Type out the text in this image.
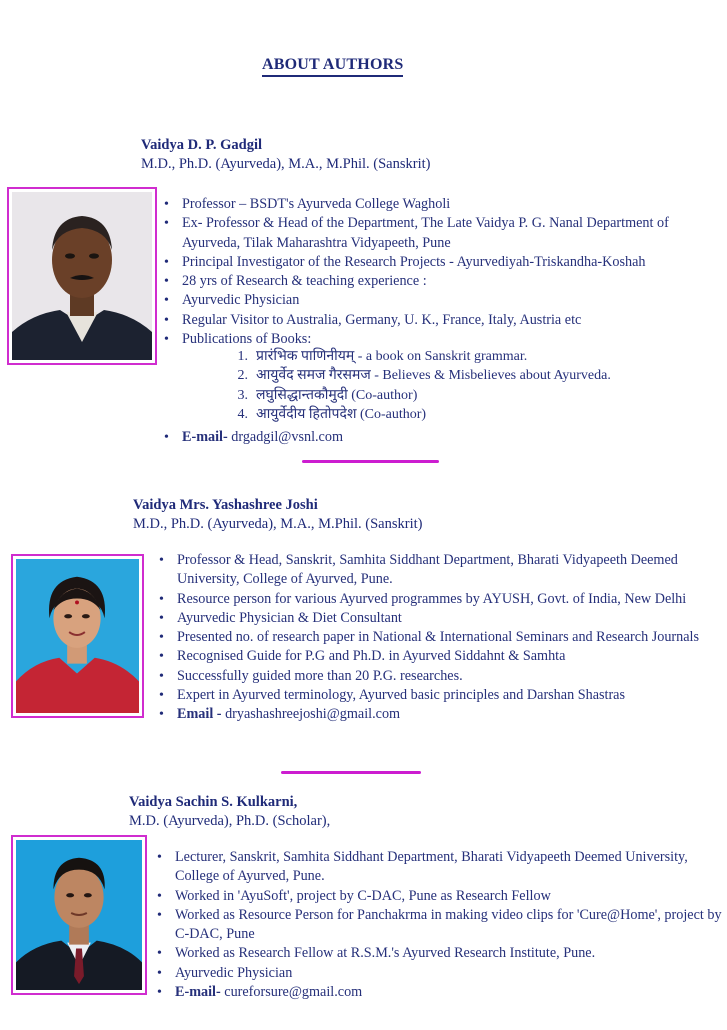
ABOUT AUTHORS
Vaidya D. P. Gadgil
M.D., Ph.D. (Ayurveda), M.A., M.Phil. (Sanskrit)
• Professor – BSDT's Ayurveda College Wagholi
• Ex- Professor & Head of the Department, The Late Vaidya P. G. Nanal Department of Ayurveda, Tilak Maharashtra Vidyapeeth, Pune
• Principal Investigator of the Research Projects - Ayurvediyah-Triskandha-Koshah
• 28 yrs of Research & teaching experience :
• Ayurvedic Physician
• Regular Visitor to Australia, Germany, U. K., France, Italy, Austria etc
• Publications of Books:
1. प्रारंभिक पाणिनीयम् - a book on Sanskrit grammar.
2. आयुर्वेद समज गैरसमज - Believes & Misbelieves about Ayurveda.
3. लघुसिद्धान्तकौमुदी (Co-author)
4. आयुर्वेदीय हितोपदेश (Co-author)
• E-mail- drgadgil@vsnl.com
Vaidya Mrs. Yashashree Joshi
M.D., Ph.D. (Ayurveda), M.A., M.Phil. (Sanskrit)
• Professor & Head, Sanskrit, Samhita Siddhant Department, Bharati Vidyapeeth Deemed University, College of Ayurved, Pune.
• Resource person for various Ayurved programmes by AYUSH, Govt. of India, New Delhi
• Ayurvedic Physician & Diet Consultant
• Presented no. of research paper in National & International Seminars and Research Journals
• Recognised Guide for P.G and Ph.D. in Ayurved Siddahnt & Samhta
• Successfully guided more than 20 P.G. researches.
• Expert in Ayurved terminology, Ayurved basic principles and Darshan Shastras
• Email - dryashashreejoshi@gmail.com
Vaidya Sachin S. Kulkarni,
M.D. (Ayurveda), Ph.D. (Scholar),
• Lecturer, Sanskrit, Samhita Siddhant Department, Bharati Vidyapeeth Deemed University, College of Ayurved, Pune.
• Worked in 'AyuSoft', project by C-DAC, Pune as Research Fellow
• Worked as Resource Person for Panchakrma in making video clips for 'Cure@Home', project by C-DAC, Pune
• Worked as Research Fellow at R.S.M.'s Ayurved Research Institute, Pune.
• Ayurvedic Physician
• E-mail- cureforsure@gmail.com
